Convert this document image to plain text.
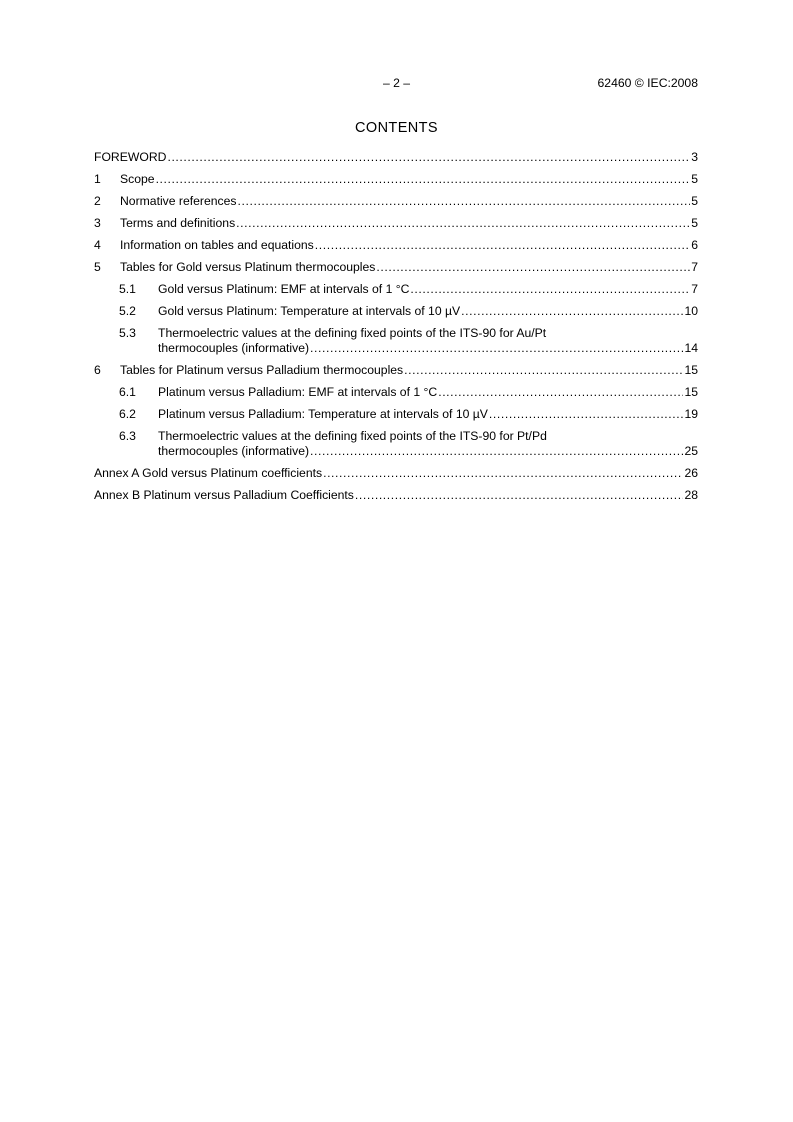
– 2 –	62460 © IEC:2008
CONTENTS
FOREWORD .....	3
1	Scope .....	5
2	Normative references .....	5
3	Terms and definitions .....	5
4	Information on tables and equations .....	6
5	Tables for Gold versus Platinum thermocouples .....	7
5.1	Gold versus Platinum: EMF at intervals of 1 °C .....	7
5.2	Gold versus Platinum: Temperature at intervals of 10 µV .....	10
5.3	Thermoelectric values at the defining fixed points of the ITS-90 for Au/Pt
thermocouples (informative) .....	14
6	Tables for Platinum versus Palladium thermocouples .....	15
6.1	Platinum versus Palladium: EMF at intervals of 1 °C .....	15
6.2	Platinum versus Palladium: Temperature at intervals of 10 µV .....	19
6.3	Thermoelectric values at the defining fixed points of the ITS-90 for Pt/Pd
thermocouples (informative) .....	25
Annex A Gold versus Platinum coefficients .....	26
Annex B Platinum versus Palladium Coefficients .....	28
